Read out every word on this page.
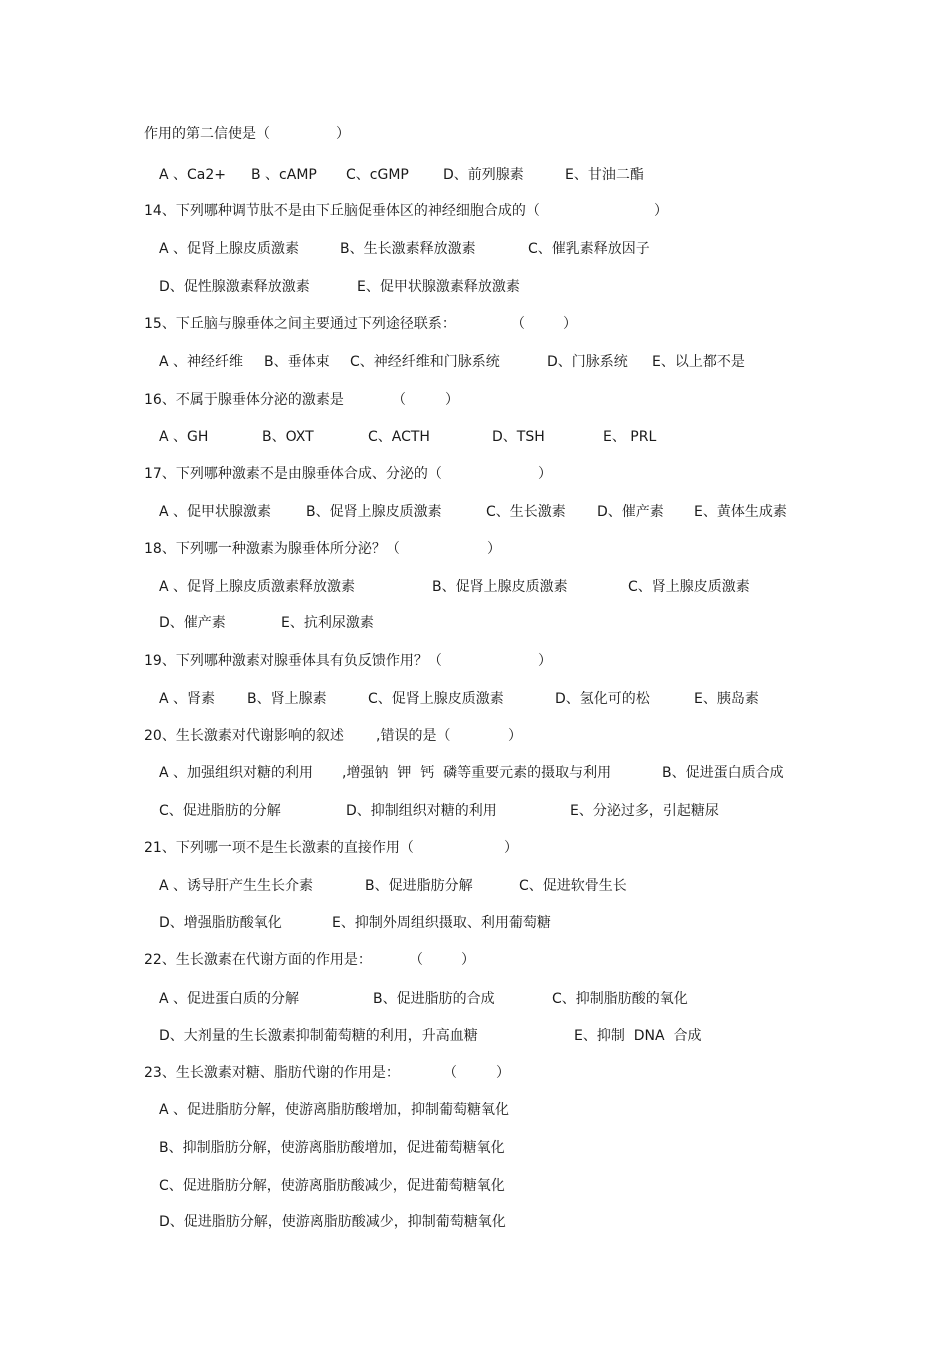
作用的第二信使是（	）
A 、Ca2+ B 、cAMP C、cGMP D、前列腺素	E、甘油二酯
14、下列哪种调节肽不是由下丘脑促垂体区的神经细胞合成的（	）
A 、促肾上腺皮质激素	B、生长激素释放激素	C、催乳素释放因子
D、促性腺激素释放激素	E、促甲状腺激素释放激素
15、下丘脑与腺垂体之间主要通过下列途径联系：	（	）
A 、神经纤维 B、垂体束 C、神经纤维和门脉系统	D、门脉系统 E、以上都不是
16、不属于腺垂体分泌的激素是	（	）
A 、GH	B、OXT	C、ACTH	D、TSH	E、 PRL
17、下列哪种激素不是由腺垂体合成、分泌的（	）
A 、促甲状腺激素 B、促肾上腺皮质激素	C、生长激素 D、催产素 E、黄体生成素
18、下列哪一种激素为腺垂体所分泌？（	）
A 、促肾上腺皮质激素释放激素	B、促肾上腺皮质激素	C、肾上腺皮质激素
D、催产素	E、抗利尿激素
19、下列哪种激素对腺垂体具有负反馈作用？（	）
A 、肾素 B、肾上腺素	C、促肾上腺皮质激素	D、氢化可的松	E、胰岛素
20、生长激素对代谢影响的叙述 ,错误的是（	）
A 、加强组织对糖的利用 ,增强钠  钾  钙  磷等重要元素的摄取与利用	B、促进蛋白质合成
C、促进脂肪的分解	D、抑制组织对糖的利用	E、分泌过多，引起糖尿
21、下列哪一项不是生长激素的直接作用（	）
A 、诱导肝产生生长介素	B、促进脂肪分解	C、促进软骨生长
D、增强脂肪酸氧化	E、抑制外周组织摄取、利用葡萄糖
22、生长激素在代谢方面的作用是：	（	）
A 、促进蛋白质的分解	B、促进脂肪的合成	C、抑制脂肪酸的氧化
D、大剂量的生长激素抑制葡萄糖的利用，升高血糖	E、抑制  DNA  合成
23、生长激素对糖、脂肪代谢的作用是：	（	）
A 、促进脂肪分解，使游离脂肪酸增加，抑制葡萄糖氧化
B、抑制脂肪分解，使游离脂肪酸增加，促进葡萄糖氧化
C、促进脂肪分解，使游离脂肪酸减少，促进葡萄糖氧化
D、促进脂肪分解，使游离脂肪酸减少，抑制葡萄糖氧化
